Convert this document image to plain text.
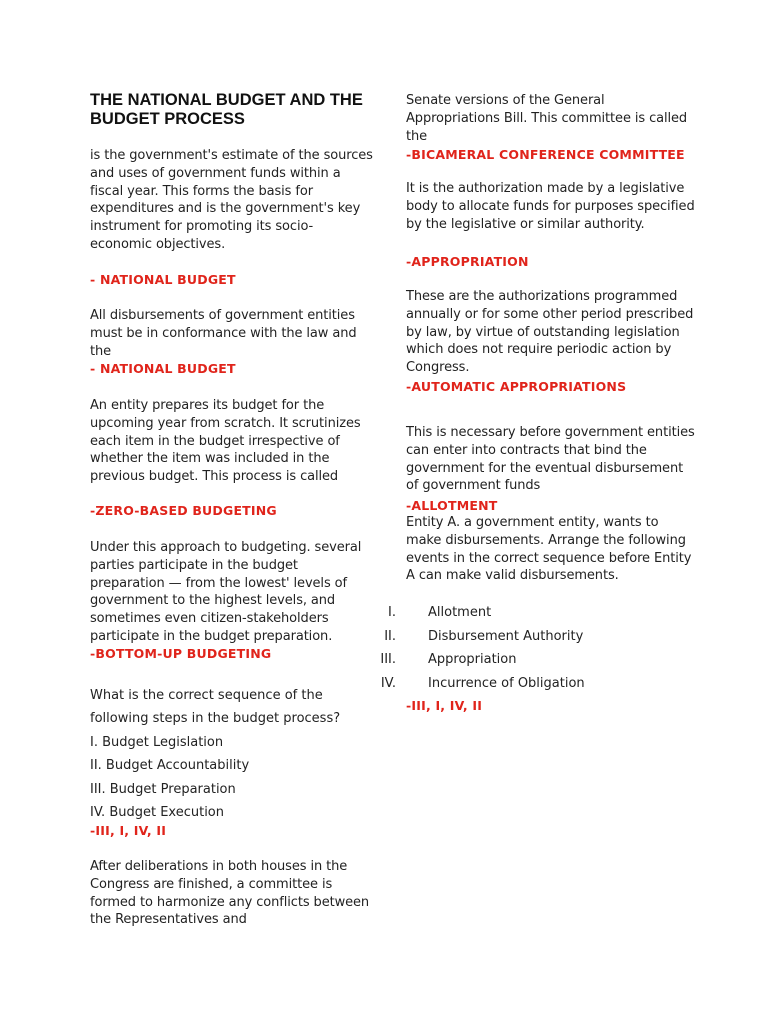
THE NATIONAL BUDGET AND THE BUDGET PROCESS

is the government's estimate of the sources and uses of government funds within a fiscal year. This forms the basis for expenditures and is the government's key instrument for promoting its socio-economic objectives.

- NATIONAL BUDGET

All disbursements of government entities must be in conformance with the law and the

- NATIONAL BUDGET

An entity prepares its budget for the upcoming year from scratch. It scrutinizes each item in the budget irrespective of whether the item was included in the previous budget. This process is called

-ZERO-BASED BUDGETING

Under this approach to budgeting. several parties participate in the budget preparation — from the lowest' levels of government to the highest levels, and sometimes even citizen-stakeholders participate in the budget preparation.

-BOTTOM-UP BUDGETING

What is the correct sequence of the following steps in the budget process?

I. Budget Legislation

II. Budget Accountability

III. Budget Preparation

IV. Budget Execution

-III, I, IV, II

After deliberations in both houses in the Congress are finished, a committee is formed to harmonize any conflicts between the Representatives and

Senate versions of the General Appropriations Bill. This committee is called the

-BICAMERAL CONFERENCE COMMITTEE

It is the authorization made by a legislative body to allocate funds for purposes specified by the legislative or similar authority.

-APPROPRIATION

These are the authorizations programmed annually or for some other period prescribed by law, by virtue of outstanding legislation which does not require periodic action by Congress.

-AUTOMATIC APPROPRIATIONS

This is necessary before government entities can enter into contracts that bind the government for the eventual disbursement of government funds

-ALLOTMENT

Entity A. a government entity, wants to make disbursements. Arrange the following events in the correct sequence before Entity A can make valid disbursements.

I.	Allotment
II.	Disbursement Authority
III.	Appropriation
IV.	Incurrence of Obligation

-III, I, IV, II
